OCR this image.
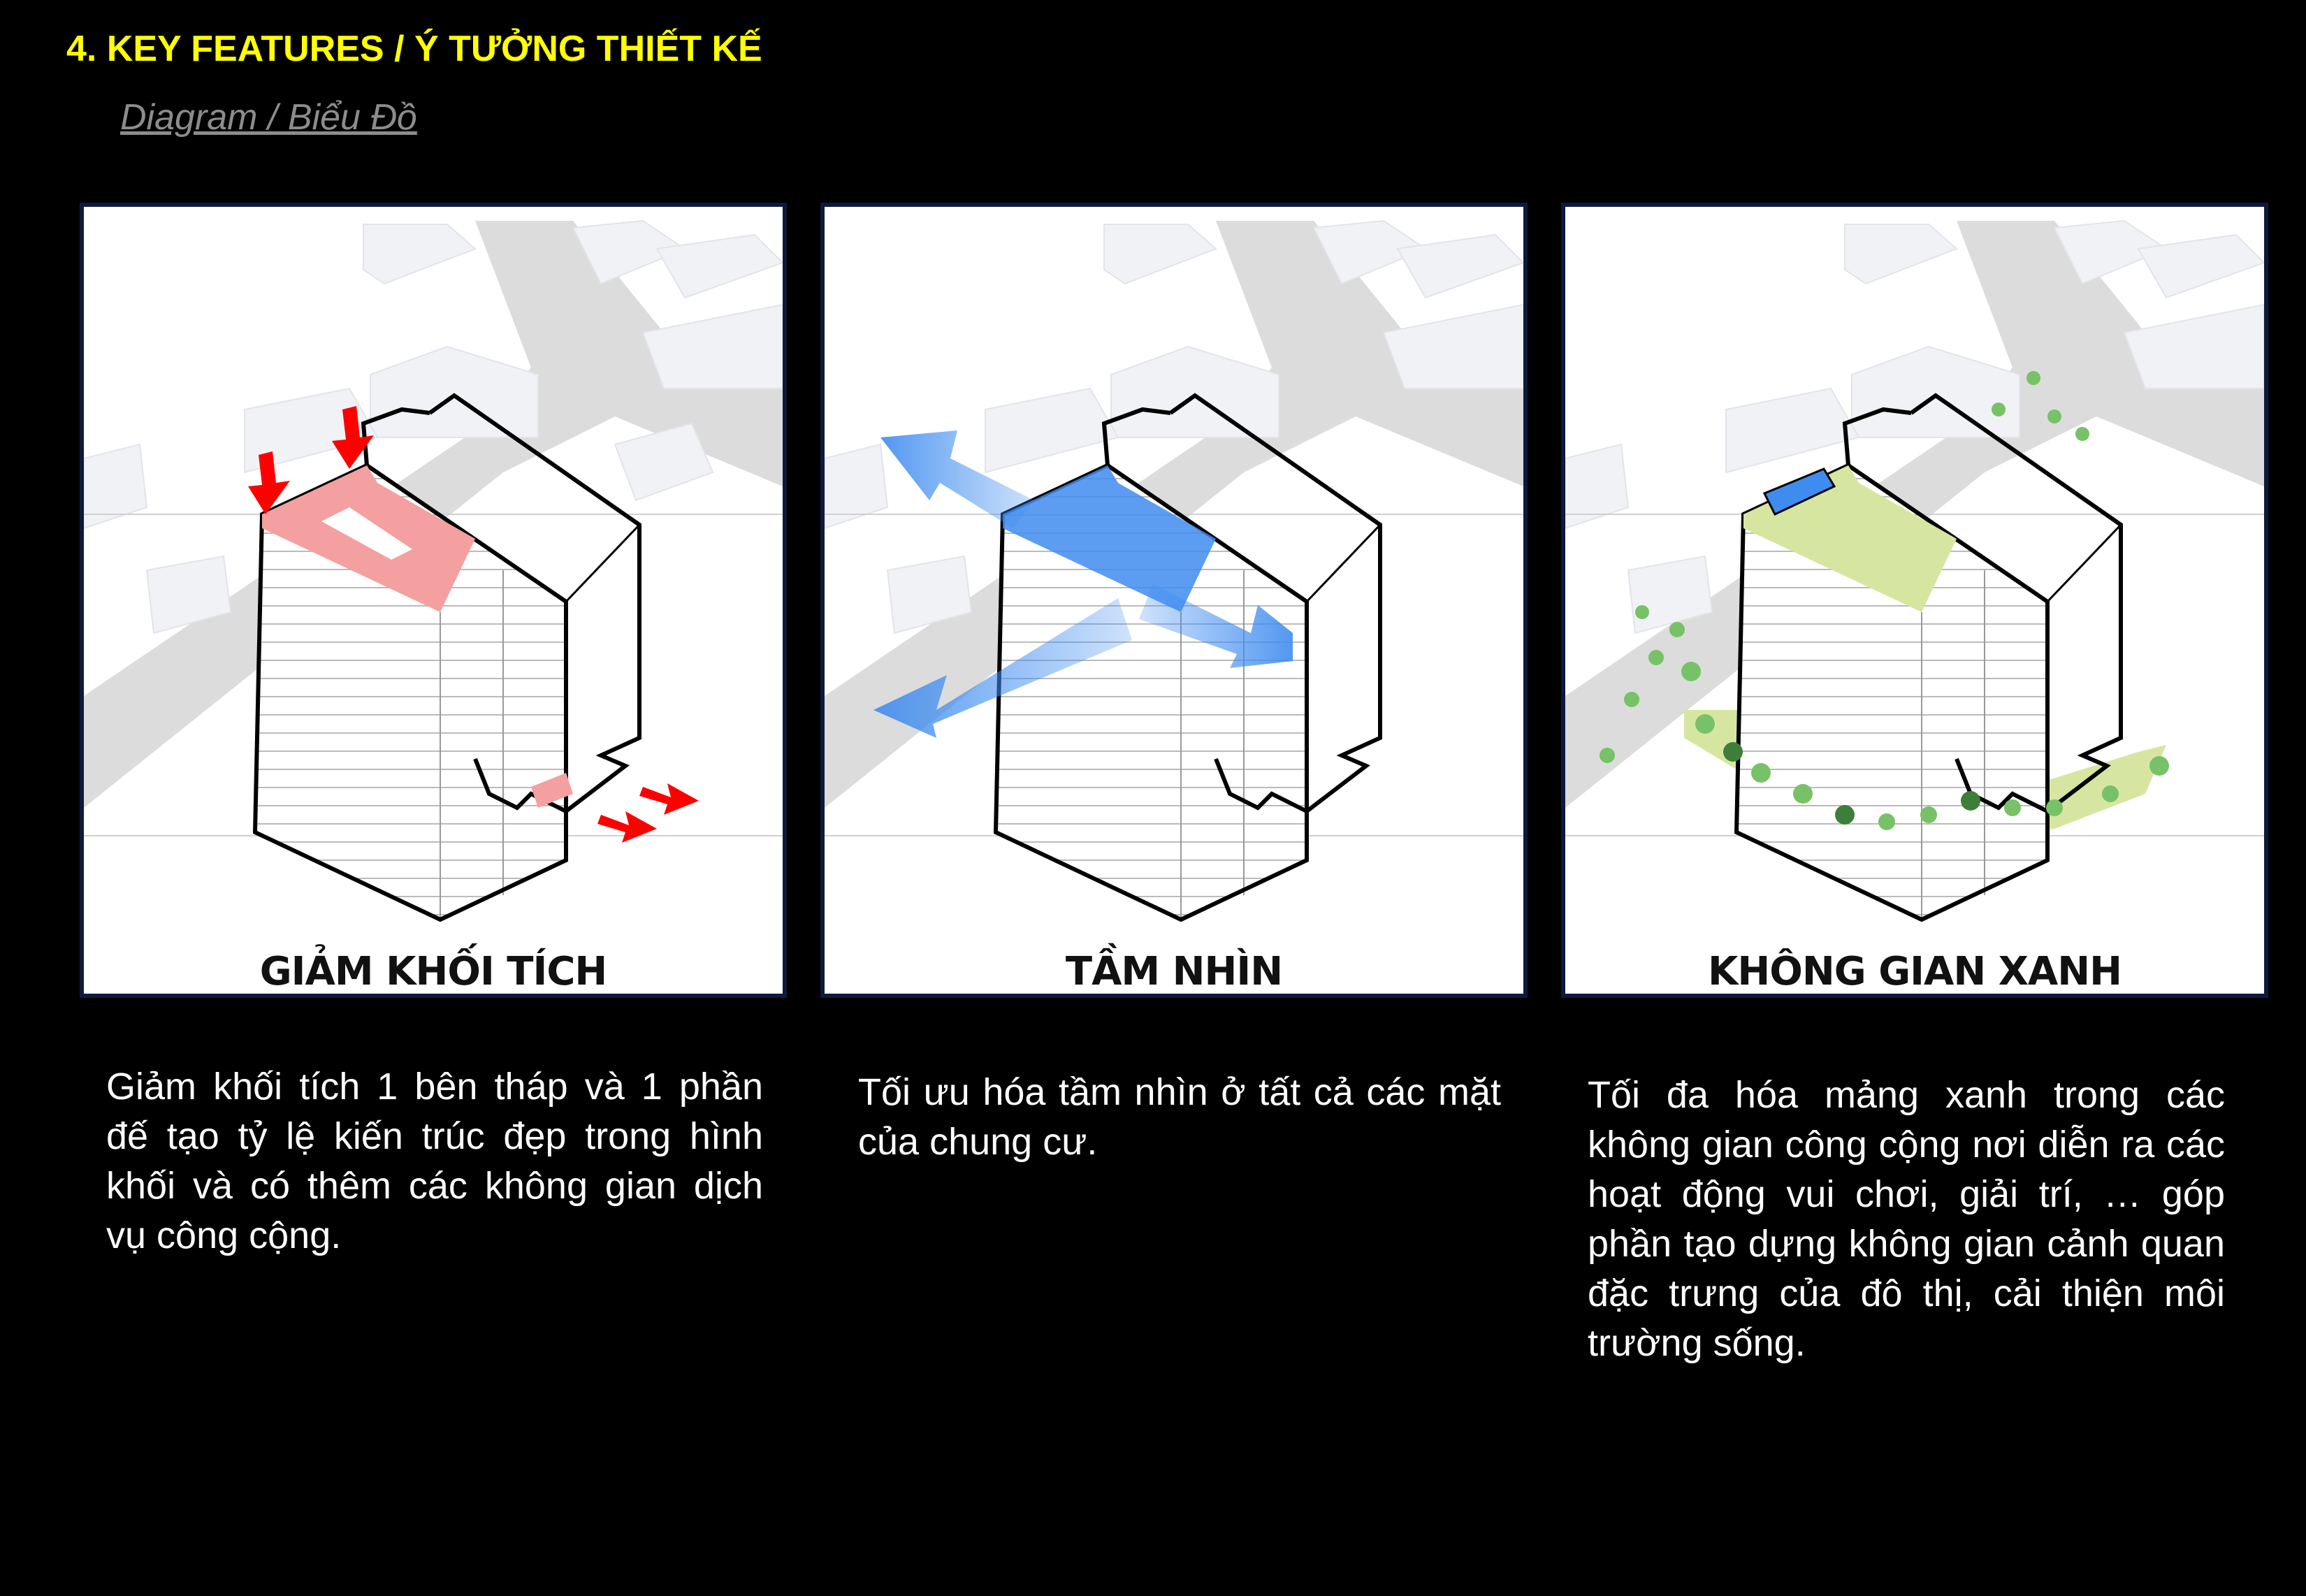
4. KEY FEATURES / Ý TƯỞNG THIẾT KẾ
Diagram / Biểu Đồ
GIẢM KHỐI TÍCH	TẦM NHÌN	KHÔNG GIAN XANH
Giảm khối tích 1 bên tháp và 1 phần đế tạo tỷ lệ kiến trúc đẹp trong hình khối và có thêm các không gian dịch vụ công cộng.
Tối ưu hóa tầm nhìn ở tất cả các mặt của chung cư.
Tối đa hóa mảng xanh trong các không gian công cộng nơi diễn ra các hoạt động vui chơi, giải trí, … góp phần tạo dựng không gian cảnh quan đặc trưng của đô thị, cải thiện môi trường sống.
